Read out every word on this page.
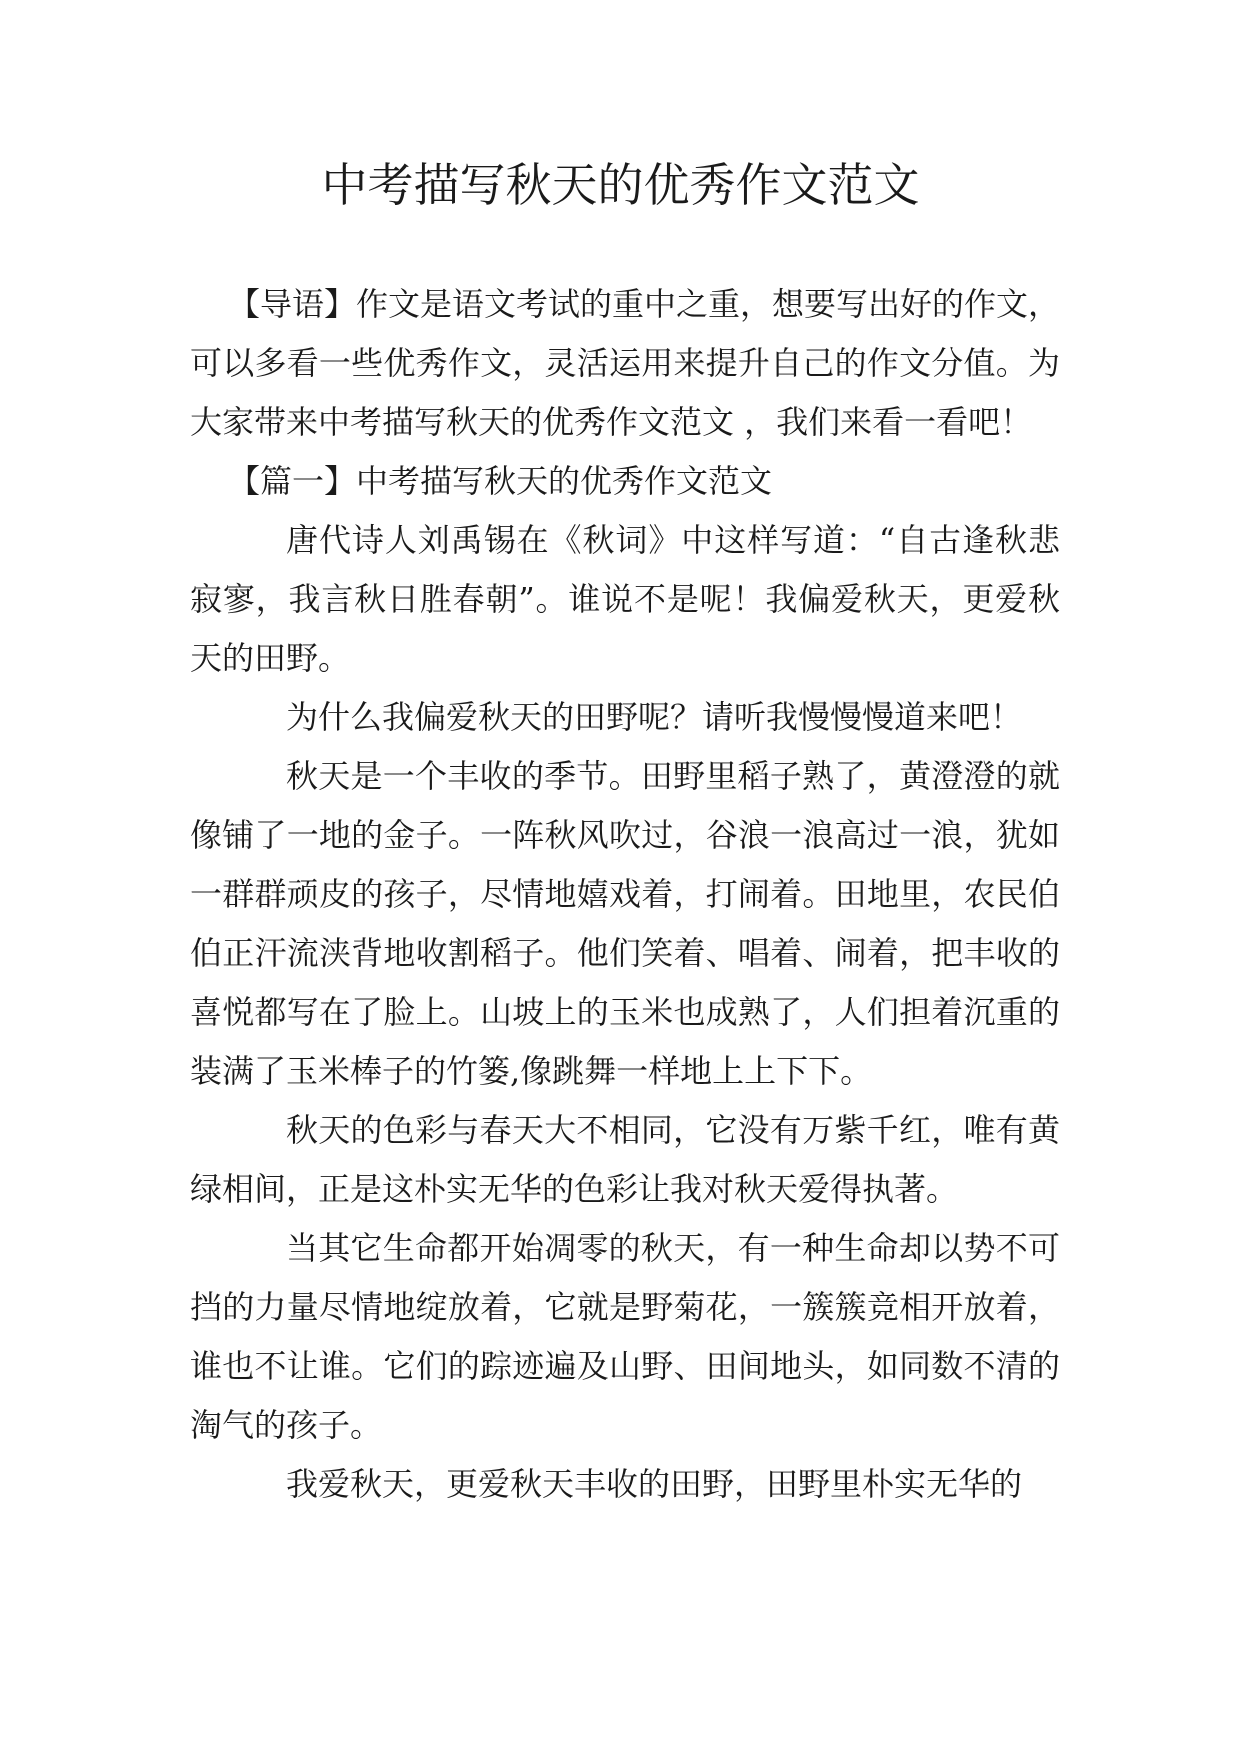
中考描写秋天的优秀作文范文

【导语】作文是语文考试的重中之重，想要写出好的作文，可以多看一些优秀作文，灵活运用来提升自己的作文分值。为大家带来中考描写秋天的优秀作文范文 ，我们来看一看吧！

【篇一】中考描写秋天的优秀作文范文

唐代诗人刘禹锡在《秋词》中这样写道：“自古逢秋悲寂寥，我言秋日胜春朝”。谁说不是呢！我偏爱秋天，更爱秋天的田野。

为什么我偏爱秋天的田野呢？请听我慢慢慢道来吧！

秋天是一个丰收的季节。田野里稻子熟了，黄澄澄的就像铺了一地的金子。一阵秋风吹过，谷浪一浪高过一浪，犹如一群群顽皮的孩子，尽情地嬉戏着，打闹着。田地里，农民伯伯正汗流浃背地收割稻子。他们笑着、唱着、闹着，把丰收的喜悦都写在了脸上。山坡上的玉米也成熟了，人们担着沉重的装满了玉米棒子的竹篓,像跳舞一样地上上下下。

秋天的色彩与春天大不相同，它没有万紫千红，唯有黄绿相间，正是这朴实无华的色彩让我对秋天爱得执著。

当其它生命都开始凋零的秋天，有一种生命却以势不可挡的力量尽情地绽放着，它就是野菊花，一簇簇竞相开放着，谁也不让谁。它们的踪迹遍及山野、田间地头，如同数不清的淘气的孩子。

我爱秋天，更爱秋天丰收的田野，田野里朴实无华的
